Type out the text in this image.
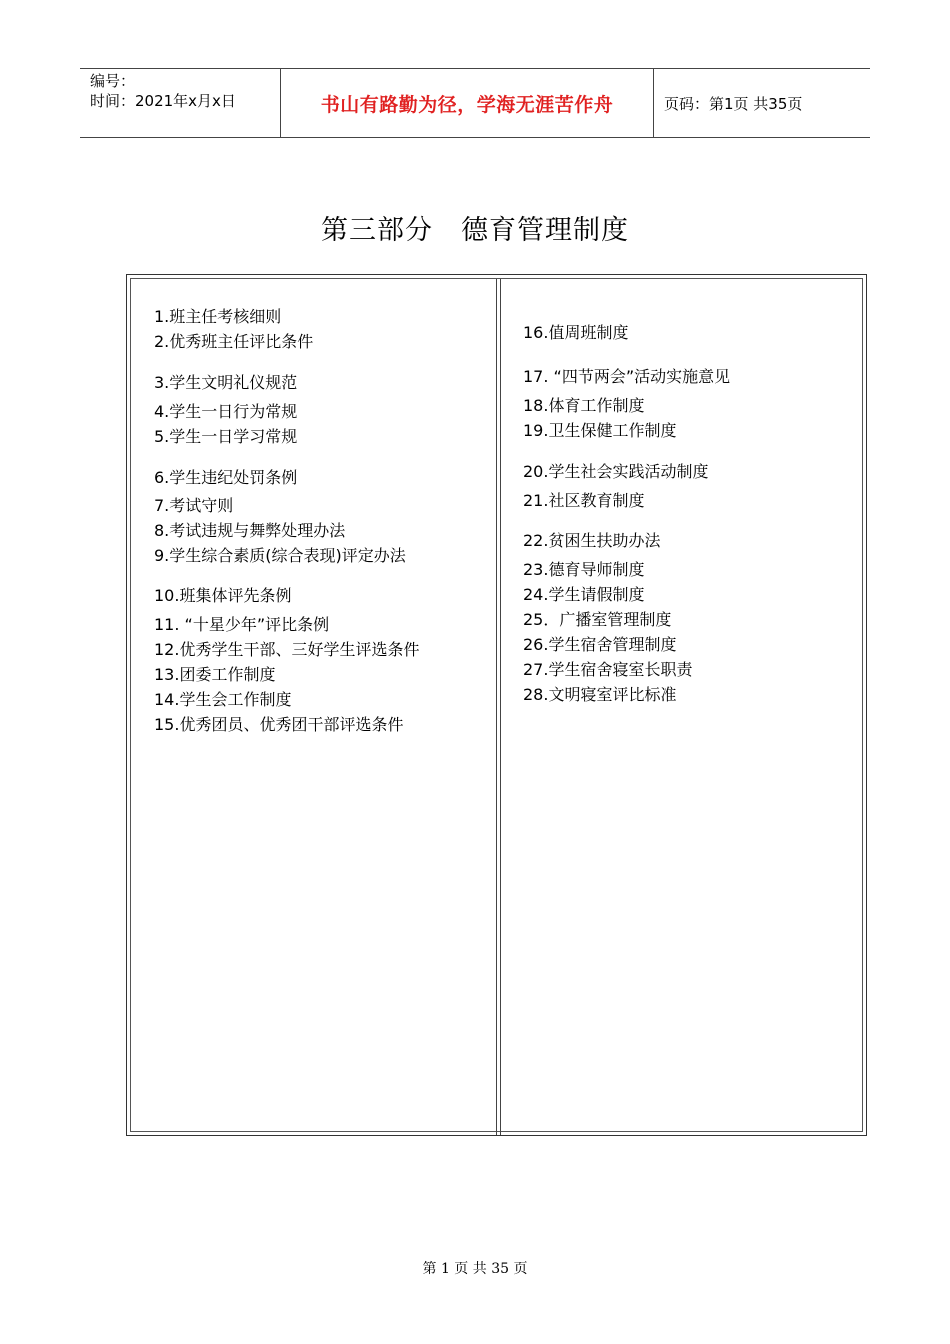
编号：
时间：2021年x月x日	书山有路勤为径，学海无涯苦作舟	页码：第1页 共35页
第三部分　德育管理制度
1.班主任考核细则
2.优秀班主任评比条件
3.学生文明礼仪规范
4.学生一日行为常规
5.学生一日学习常规
6.学生违纪处罚条例
7.考试守则
8.考试违规与舞弊处理办法
9.学生综合素质(综合表现)评定办法
10.班集体评先条例
11. “十星少年”评比条例
12.优秀学生干部、三好学生评选条件
13.团委工作制度
14.学生会工作制度
15.优秀团员、优秀团干部评选条件
16.值周班制度
17. “四节两会”活动实施意见
18.体育工作制度
19.卫生保健工作制度
20.学生社会实践活动制度
21.社区教育制度
22.贫困生扶助办法
23.德育导师制度
24.学生请假制度
25．广播室管理制度
26.学生宿舍管理制度
27.学生宿舍寝室长职责
28.文明寝室评比标准
第 1 页 共 35 页
